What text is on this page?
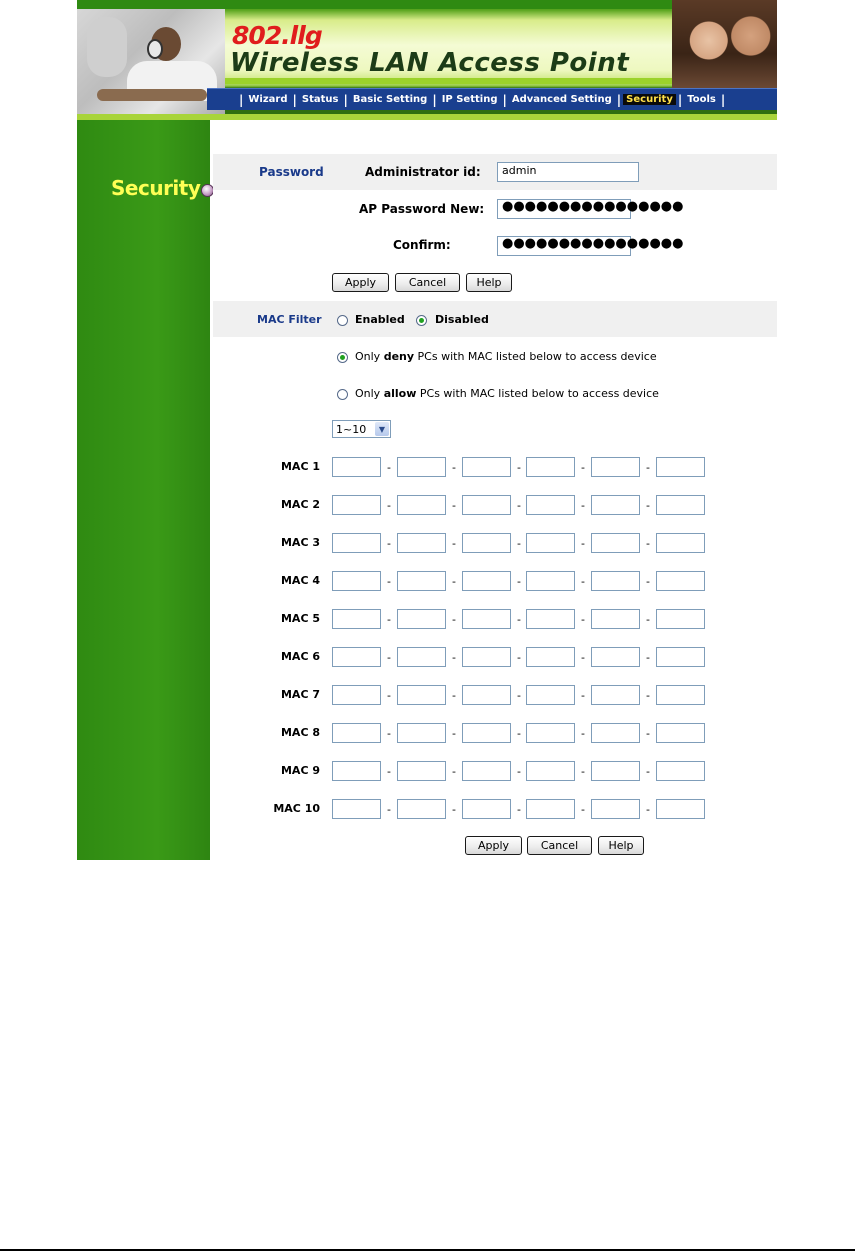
802.llg
Wireless LAN Access Point
| Wizard | Status | Basic Setting | IP Setting | Advanced Setting | Security | Tools |
Security
Password	Administrator id:	admin
AP Password New:	●●●●●●●●●●●●●●●●
Confirm:	●●●●●●●●●●●●●●●●
Apply	Cancel	Help
MAC Filter	Enabled	Disabled
Only deny PCs with MAC listed below to access device
Only allow PCs with MAC listed below to access device
1~10	▼
MAC 1	-	-	-	-	-
MAC 2	-	-	-	-	-
MAC 3	-	-	-	-	-
MAC 4	-	-	-	-	-
MAC 5	-	-	-	-	-
MAC 6	-	-	-	-	-
MAC 7	-	-	-	-	-
MAC 8	-	-	-	-	-
MAC 9	-	-	-	-	-
MAC 10	-	-	-	-	-
Apply	Cancel	Help
